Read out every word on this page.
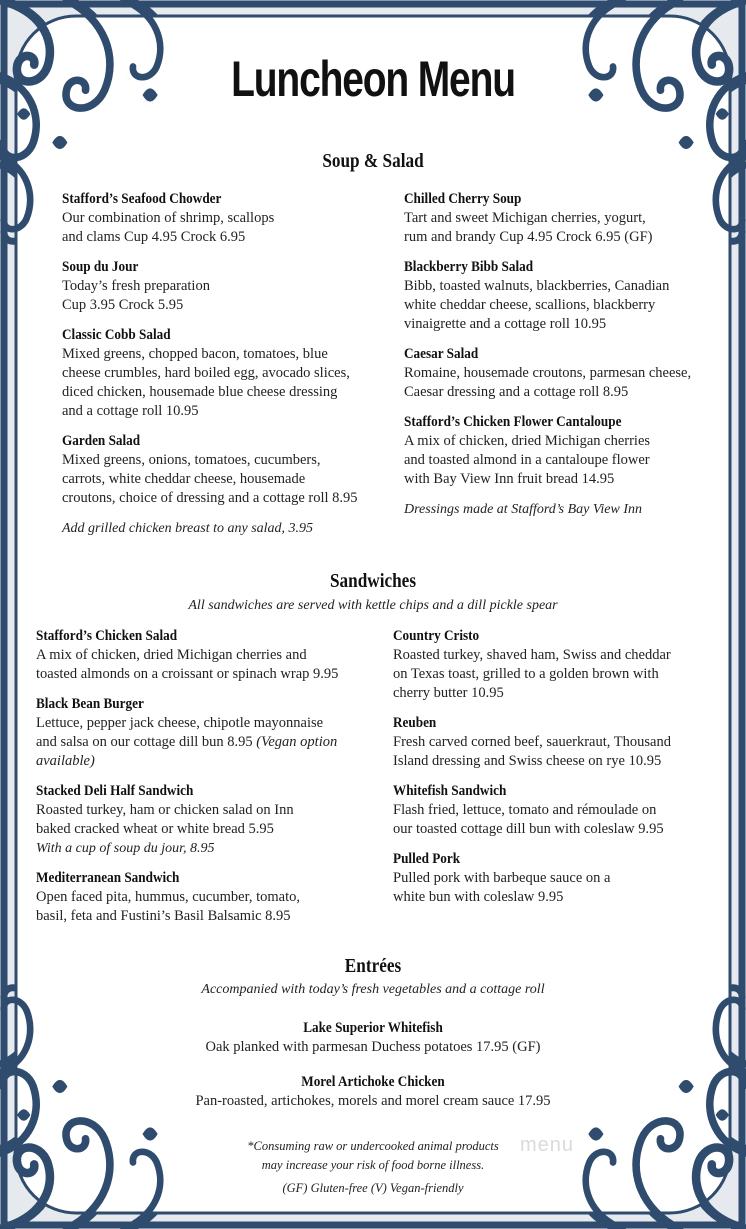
Luncheon Menu
Soup & Salad
Stafford’s Seafood Chowder
Our combination of shrimp, scallops
and clams Cup 4.95 Crock 6.95
Soup du Jour
Today’s fresh preparation
Cup 3.95 Crock 5.95
Classic Cobb Salad
Mixed greens, chopped bacon, tomatoes, blue
cheese crumbles, hard boiled egg, avocado slices,
diced chicken, housemade blue cheese dressing
and a cottage roll 10.95
Garden Salad
Mixed greens, onions, tomatoes, cucumbers,
carrots, white cheddar cheese, housemade
croutons, choice of dressing and a cottage roll 8.95
Add grilled chicken breast to any salad, 3.95
Chilled Cherry Soup
Tart and sweet Michigan cherries, yogurt,
rum and brandy Cup 4.95 Crock 6.95 (GF)
Blackberry Bibb Salad
Bibb, toasted walnuts, blackberries, Canadian
white cheddar cheese, scallions, blackberry
vinaigrette and a cottage roll 10.95
Caesar Salad
Romaine, housemade croutons, parmesan cheese,
Caesar dressing and a cottage roll 8.95
Stafford’s Chicken Flower Cantaloupe
A mix of chicken, dried Michigan cherries
and toasted almond in a cantaloupe flower
with Bay View Inn fruit bread 14.95
Dressings made at Stafford’s Bay View Inn
Sandwiches
All sandwiches are served with kettle chips and a dill pickle spear
Stafford’s Chicken Salad
A mix of chicken, dried Michigan cherries and
toasted almonds on a croissant or spinach wrap 9.95
Black Bean Burger
Lettuce, pepper jack cheese, chipotle mayonnaise
and salsa on our cottage dill bun 8.95 (Vegan option available)
Stacked Deli Half Sandwich
Roasted turkey, ham or chicken salad on Inn
baked cracked wheat or white bread 5.95
With a cup of soup du jour, 8.95
Mediterranean Sandwich
Open faced pita, hummus, cucumber, tomato,
basil, feta and Fustini’s Basil Balsamic 8.95
Country Cristo
Roasted turkey, shaved ham, Swiss and cheddar
on Texas toast, grilled to a golden brown with
cherry butter 10.95
Reuben
Fresh carved corned beef, sauerkraut, Thousand
Island dressing and Swiss cheese on rye 10.95
Whitefish Sandwich
Flash fried, lettuce, tomato and rémoulade on
our toasted cottage dill bun with coleslaw 9.95
Pulled Pork
Pulled pork with barbeque sauce on a
white bun with coleslaw 9.95
Entrées
Accompanied with today’s fresh vegetables and a cottage roll
Lake Superior Whitefish
Oak planked with parmesan Duchess potatoes 17.95 (GF)
Morel Artichoke Chicken
Pan-roasted, artichokes, morels and morel cream sauce 17.95
*Consuming raw or undercooked animal products
may increase your risk of food borne illness.
menu
(GF) Gluten-free (V) Vegan-friendly
